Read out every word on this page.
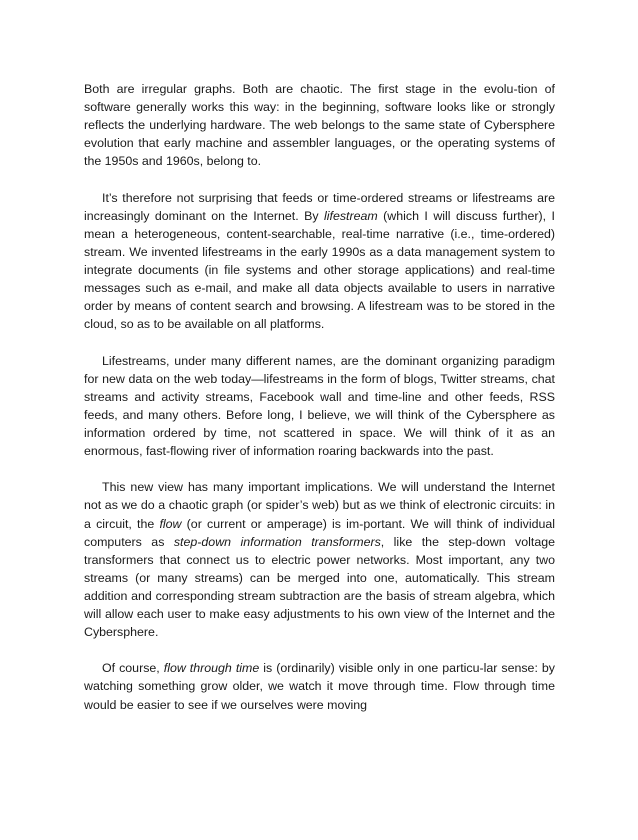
Both are irregular graphs. Both are chaotic. The first stage in the evolu-tion of software generally works this way: in the beginning, software looks like or strongly reflects the underlying hardware. The web belongs to the same state of Cybersphere evolution that early machine and assembler languages, or the operating systems of the 1950s and 1960s, belong to.

It’s therefore not surprising that feeds or time-ordered streams or lifestreams are increasingly dominant on the Internet. By lifestream (which I will discuss further), I mean a heterogeneous, content-searchable, real-time narrative (i.e., time-ordered) stream. We invented lifestreams in the early 1990s as a data management system to integrate documents (in file systems and other storage applications) and real-time messages such as e-mail, and make all data objects available to users in narrative order by means of content search and browsing. A lifestream was to be stored in the cloud, so as to be available on all platforms.

Lifestreams, under many different names, are the dominant organizing paradigm for new data on the web today—lifestreams in the form of blogs, Twitter streams, chat streams and activity streams, Facebook wall and time-line and other feeds, RSS feeds, and many others. Before long, I believe, we will think of the Cybersphere as information ordered by time, not scattered in space. We will think of it as an enormous, fast-flowing river of information roaring backwards into the past.

This new view has many important implications. We will understand the Internet not as we do a chaotic graph (or spider’s web) but as we think of electronic circuits: in a circuit, the flow (or current or amperage) is im-portant. We will think of individual computers as step-down information transformers, like the step-down voltage transformers that connect us to electric power networks. Most important, any two streams (or many streams) can be merged into one, automatically. This stream addition and corresponding stream subtraction are the basis of stream algebra, which will allow each user to make easy adjustments to his own view of the Internet and the Cybersphere.

Of course, flow through time is (ordinarily) visible only in one particu-lar sense: by watching something grow older, we watch it move through time. Flow through time would be easier to see if we ourselves were moving
